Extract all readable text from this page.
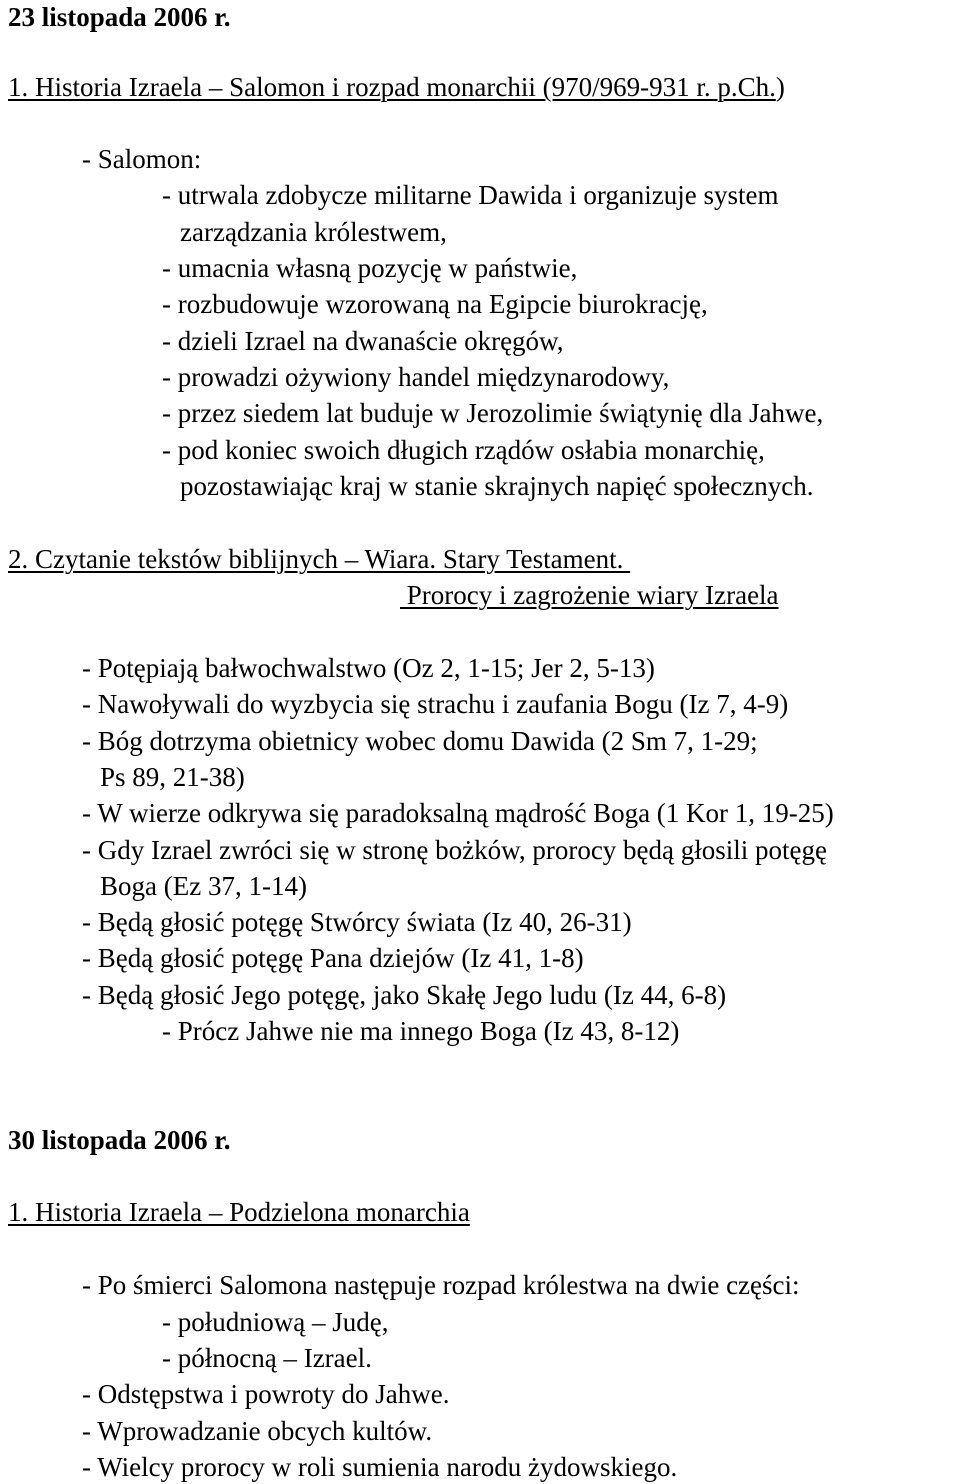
23 listopada 2006 r.
1. Historia Izraela – Salomon i rozpad monarchii (970/969-931 r. p.Ch.)
- Salomon:
- utrwala zdobycze militarne Dawida i organizuje system
zarządzania królestwem,
- umacnia własną pozycję w państwie,
- rozbudowuje wzorowaną na Egipcie biurokrację,
- dzieli Izrael na dwanaście okręgów,
- prowadzi ożywiony handel międzynarodowy,
- przez siedem lat buduje w Jerozolimie świątynię dla Jahwe,
- pod koniec swoich długich rządów osłabia monarchię,
pozostawiając kraj w stanie skrajnych napięć społecznych.
2. Czytanie tekstów biblijnych – Wiara. Stary Testament.
Prorocy i zagrożenie wiary Izraela
- Potępiają bałwochwalstwo (Oz 2, 1-15; Jer 2, 5-13)
- Nawoływali do wyzbycia się strachu i zaufania Bogu (Iz 7, 4-9)
- Bóg dotrzyma obietnicy wobec domu Dawida (2 Sm 7, 1-29;
Ps 89, 21-38)
- W wierze odkrywa się paradoksalną mądrość Boga (1 Kor 1, 19-25)
- Gdy Izrael zwróci się w stronę bożków, prorocy będą głosili potęgę
Boga (Ez 37, 1-14)
- Będą głosić potęgę Stwórcy świata (Iz 40, 26-31)
- Będą głosić potęgę Pana dziejów (Iz 41, 1-8)
- Będą głosić Jego potęgę, jako Skałę Jego ludu (Iz 44, 6-8)
- Prócz Jahwe nie ma innego Boga (Iz 43, 8-12)
30 listopada 2006 r.
1. Historia Izraela – Podzielona monarchia
- Po śmierci Salomona następuje rozpad królestwa na dwie części:
- południową – Judę,
- północną – Izrael.
- Odstępstwa i powroty do Jahwe.
- Wprowadzanie obcych kultów.
- Wielcy prorocy w roli sumienia narodu żydowskiego.
